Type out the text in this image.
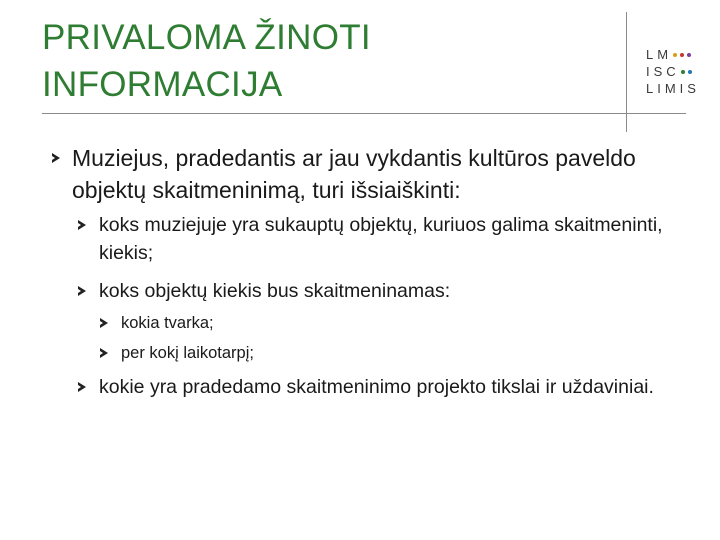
PRIVALOMA ŽINOTI
INFORMACIJA
LM
ISC
LIMIS
Muziejus, pradedantis ar jau vykdantis kultūros paveldo objektų skaitmeninimą, turi išsiaiškinti:
koks muziejuje yra sukauptų objektų, kuriuos galima skaitmeninti, kiekis;
koks objektų kiekis bus skaitmeninamas:
kokia tvarka;
per kokį laikotarpį;
kokie yra pradedamo skaitmeninimo projekto tikslai ir uždaviniai.
